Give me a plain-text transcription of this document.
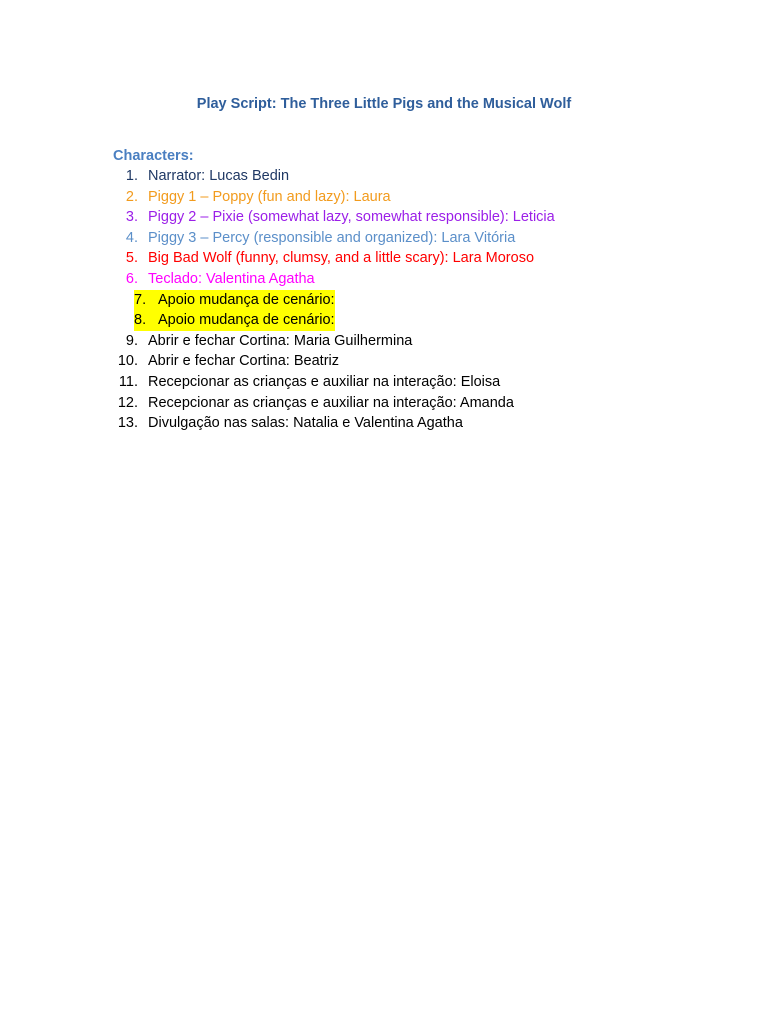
Play Script: The Three Little Pigs and the Musical Wolf
Characters:
1. Narrator: Lucas Bedin
2. Piggy 1 – Poppy (fun and lazy): Laura
3. Piggy 2 – Pixie (somewhat lazy, somewhat responsible): Leticia
4. Piggy 3 – Percy (responsible and organized): Lara Vitória
5. Big Bad Wolf (funny, clumsy, and a little scary): Lara Moroso
6. Teclado: Valentina Agatha
7. Apoio mudança de cenário:
8. Apoio mudança de cenário:
9. Abrir e fechar Cortina: Maria Guilhermina
10. Abrir e fechar Cortina: Beatriz
11. Recepcionar as crianças e auxiliar na interação: Eloisa
12. Recepcionar as crianças e auxiliar na interação: Amanda
13. Divulgação nas salas: Natalia e Valentina Agatha
